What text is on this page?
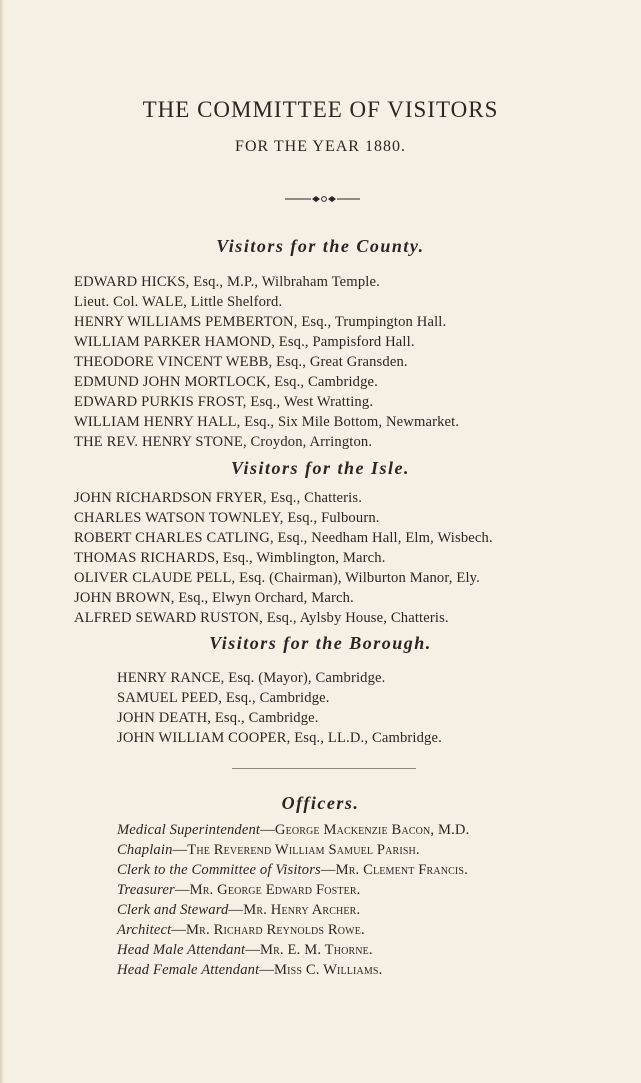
THE COMMITTEE OF VISITORS
FOR THE YEAR 1880.
Visitors for the County.
EDWARD HICKS, Esq., M.P., Wilbraham Temple.
Lieut. Col. WALE, Little Shelford.
HENRY WILLIAMS PEMBERTON, Esq., Trumpington Hall.
WILLIAM PARKER HAMOND, Esq., Pampisford Hall.
THEODORE VINCENT WEBB, Esq., Great Gransden.
EDMUND JOHN MORTLOCK, Esq., Cambridge.
EDWARD PURKIS FROST, Esq., West Wratting.
WILLIAM HENRY HALL, Esq., Six Mile Bottom, Newmarket.
THE REV. HENRY STONE, Croydon, Arrington.
Visitors for the Isle.
JOHN RICHARDSON FRYER, Esq., Chatteris.
CHARLES WATSON TOWNLEY, Esq., Fulbourn.
ROBERT CHARLES CATLING, Esq., Needham Hall, Elm, Wisbech.
THOMAS RICHARDS, Esq., Wimblington, March.
OLIVER CLAUDE PELL, Esq. (Chairman), Wilburton Manor, Ely.
JOHN BROWN, Esq., Elwyn Orchard, March.
ALFRED SEWARD RUSTON, Esq., Aylsby House, Chatteris.
Visitors for the Borough.
HENRY RANCE, Esq. (Mayor), Cambridge.
SAMUEL PEED, Esq., Cambridge.
JOHN DEATH, Esq., Cambridge.
JOHN WILLIAM COOPER, Esq., LL.D., Cambridge.
Officers.
Medical Superintendent—George Mackenzie Bacon, M.D.
Chaplain—The Reverend William Samuel Parish.
Clerk to the Committee of Visitors—Mr. Clement Francis.
Treasurer—Mr. George Edward Foster.
Clerk and Steward—Mr. Henry Archer.
Architect—Mr. Richard Reynolds Rowe.
Head Male Attendant—Mr. E. M. Thorne.
Head Female Attendant—Miss C. Williams.
